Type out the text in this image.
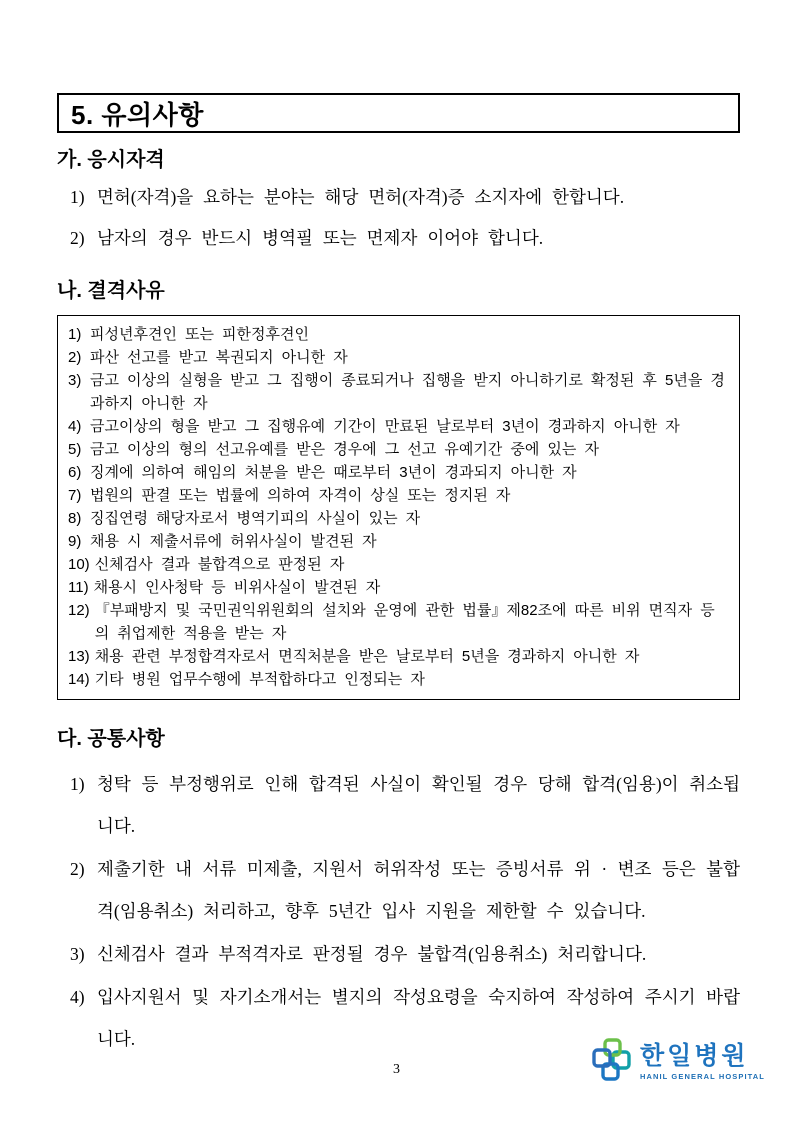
5. 유의사항
가. 응시자격
1) 면허(자격)을 요하는 분야는 해당 면허(자격)증 소지자에 한합니다.
2) 남자의 경우 반드시 병역필 또는 면제자 이어야 합니다.
나. 결격사유
1) 피성년후견인 또는 피한정후견인
2) 파산 선고를 받고 복권되지 아니한 자
3) 금고 이상의 실형을 받고 그 집행이 종료되거나 집행을 받지 아니하기로 확정된 후 5년을 경과하지 아니한 자
4) 금고이상의 형을 받고 그 집행유예 기간이 만료된 날로부터 3년이 경과하지 아니한 자
5) 금고 이상의 형의 선고유예를 받은 경우에 그 선고 유예기간 중에 있는 자
6) 징계에 의하여 해임의 처분을 받은 때로부터 3년이 경과되지 아니한 자
7) 법원의 판결 또는 법률에 의하여 자격이 상실 또는 정지된 자
8) 징집연령 해당자로서 병역기피의 사실이 있는 자
9) 채용 시 제출서류에 허위사실이 발견된 자
10) 신체검사 결과 불합격으로 판정된 자
11) 채용시 인사청탁 등 비위사실이 발견된 자
12) 『부패방지 및 국민권익위원회의 설치와 운영에 관한 법률』제82조에 따른 비위 면직자 등의 취업제한 적용을 받는 자
13) 채용 관련 부정합격자로서 면직처분을 받은 날로부터 5년을 경과하지 아니한 자
14) 기타 병원 업무수행에 부적합하다고 인정되는 자
다. 공통사항
1) 청탁 등 부정행위로 인해 합격된 사실이 확인될 경우 당해 합격(임용)이 취소됩니다.
2) 제출기한 내 서류 미제출, 지원서 허위작성 또는 증빙서류 위 · 변조 등은 불합격(임용취소) 처리하고, 향후 5년간 입사 지원을 제한할 수 있습니다.
3) 신체검사 결과 부적격자로 판정될 경우 불합격(임용취소) 처리합니다.
4) 입사지원서 및 자기소개서는 별지의 작성요령을 숙지하여 작성하여 주시기 바랍니다.
3	한일병원
HANIL GENERAL HOSPITAL
